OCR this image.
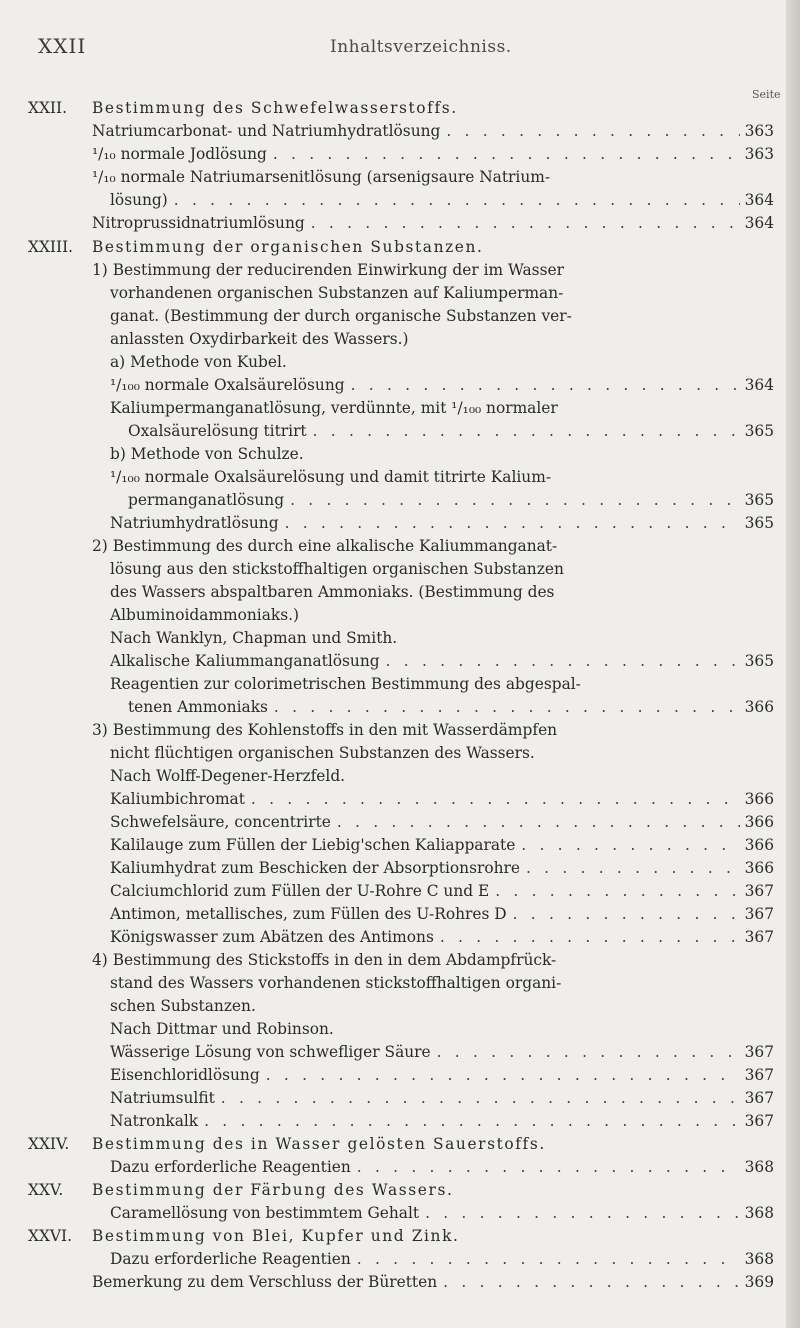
XXII	Inhaltsverzeichniss.
Seite
XXII. Bestimmung des Schwefelwasserstoffs.
Natriumcarbonat- und Natriumhydratlösung . . .	363
¹/₁₀ normale Jodlösung . . .	363
¹/₁₀ normale Natriumarsenitlösung (arsenigsaure Natrium-
lösung) . . .	364
Nitroprussidnatriumlösung . . .	364
XXIII. Bestimmung der organischen Substanzen.
1) Bestimmung der reducirenden Einwirkung der im Wasser
vorhandenen organischen Substanzen auf Kaliumperman-
ganat. (Bestimmung der durch organische Substanzen ver-
anlassten Oxydirbarkeit des Wassers.)
a) Methode von Kubel.
¹/₁₀₀ normale Oxalsäurelösung . . .	364
Kaliumpermanganatlösung, verdünnte, mit ¹/₁₀₀ normaler
Oxalsäurelösung titrirt . . .	365
b) Methode von Schulze.
¹/₁₀₀ normale Oxalsäurelösung und damit titrirte Kalium-
permanganatlösung . . .	365
Natriumhydratlösung . . .	365
2) Bestimmung des durch eine alkalische Kaliummanganat-
lösung aus den stickstoffhaltigen organischen Substanzen
des Wassers abspaltbaren Ammoniaks. (Bestimmung des
Albuminoidammoniaks.)
Nach Wanklyn, Chapman und Smith.
Alkalische Kaliummanganatlösung . . .	365
Reagentien zur colorimetrischen Bestimmung des abgespal-
tenen Ammoniaks . . .	366
3) Bestimmung des Kohlenstoffs in den mit Wasserdämpfen
nicht flüchtigen organischen Substanzen des Wassers.
Nach Wolff-Degener-Herzfeld.
Kaliumbichromat . . .	366
Schwefelsäure, concentrirte . . .	366
Kalilauge zum Füllen der Liebig'schen Kaliapparate . . .	366
Kaliumhydrat zum Beschicken der Absorptionsrohre . . .	366
Calciumchlorid zum Füllen der U-Rohre C und E . . .	367
Antimon, metallisches, zum Füllen des U-Rohres D . . .	367
Königswasser zum Abätzen des Antimons . . .	367
4) Bestimmung des Stickstoffs in den in dem Abdampfrück-
stand des Wassers vorhandenen stickstoffhaltigen organi-
schen Substanzen.
Nach Dittmar und Robinson.
Wässerige Lösung von schwefliger Säure . . .	367
Eisenchloridlösung . . .	367
Natriumsulfit . . .	367
Natronkalk . . .	367
XXIV. Bestimmung des in Wasser gelösten Sauerstoffs.
Dazu erforderliche Reagentien . . .	368
XXV. Bestimmung der Färbung des Wassers.
Caramellösung von bestimmtem Gehalt . . .	368
XXVI. Bestimmung von Blei, Kupfer und Zink.
Dazu erforderliche Reagentien . . .	368
Bemerkung zu dem Verschluss der Büretten . . .	369
